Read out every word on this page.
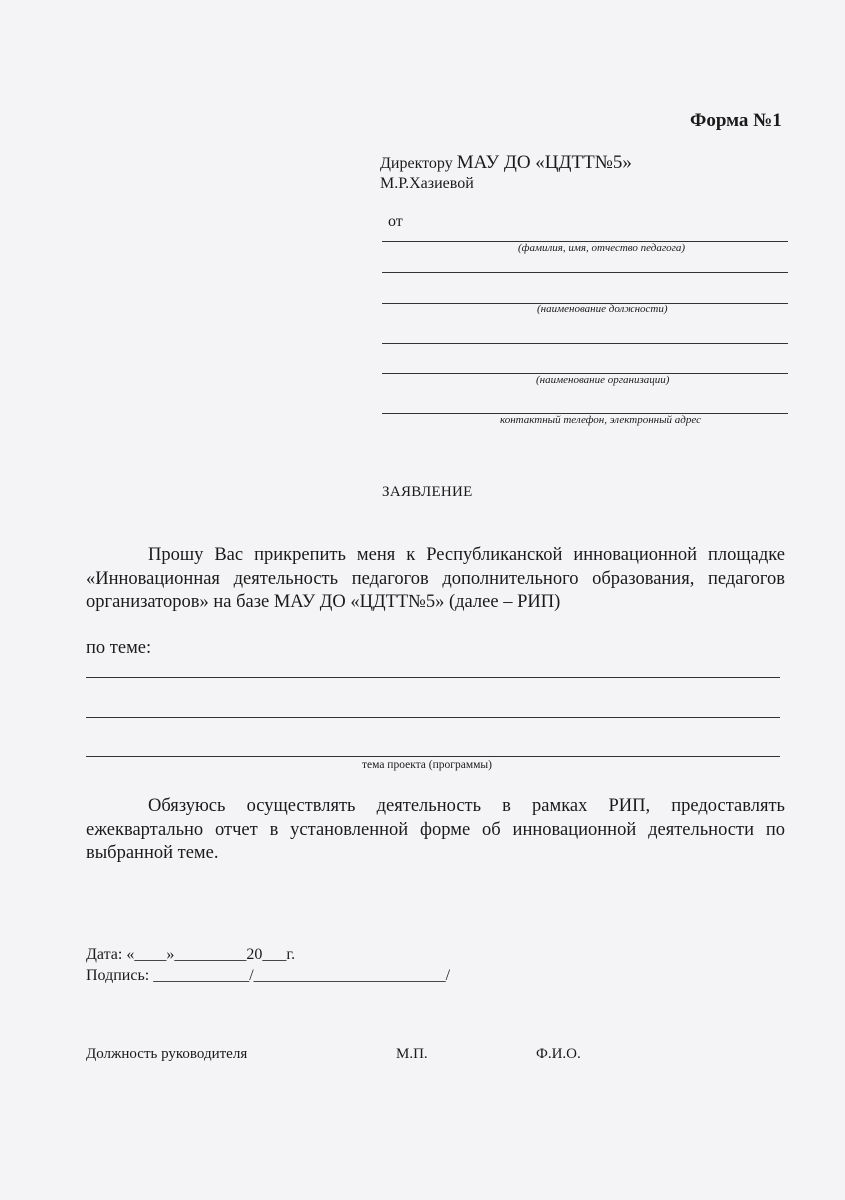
Форма №1
Директору МАУ ДО «ЦДТТ№5»
М.Р.Хазиевой
от
(фамилия, имя, отчество педагога)
(наименование должности)
(наименование организации)
контактный телефон, электронный адрес
ЗАЯВЛЕНИЕ
Прошу Вас прикрепить меня к Республиканской инновационной площадке «Инновационная деятельность педагогов дополнительного образования, педагогов организаторов» на базе МАУ ДО «ЦДТТ№5» (далее – РИП)
по теме:
тема проекта (программы)
Обязуюсь осуществлять деятельность в рамках РИП, предоставлять ежеквартально отчет в установленной форме об инновационной деятельности по выбранной теме.
Дата: «____»_________20___г.
Подпись: ____________/________________________/
Должность руководителя	М.П.	Ф.И.О.
